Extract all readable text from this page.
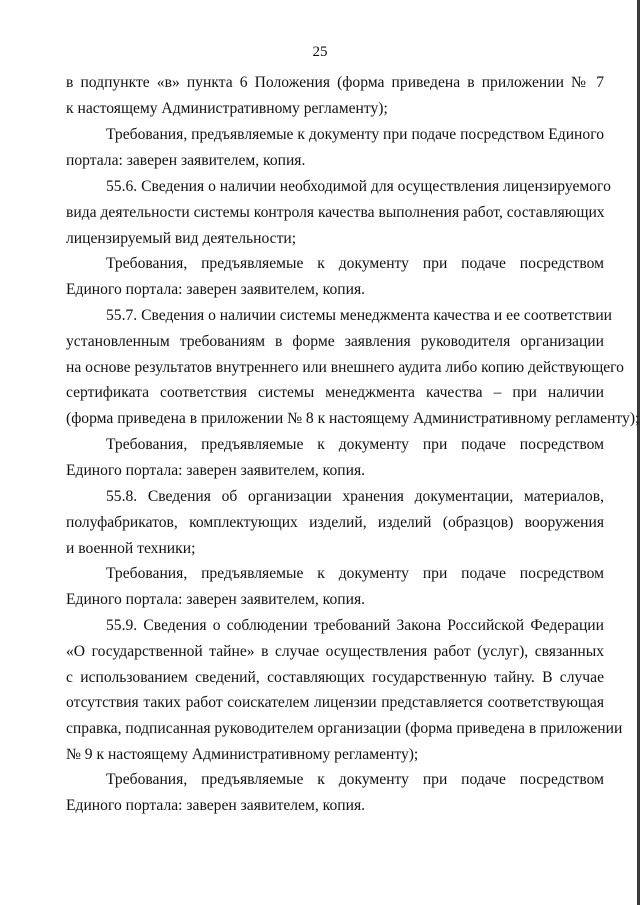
25
в подпункте «в» пункта 6 Положения (форма приведена в приложении № 7
к настоящему Административному регламенту);
Требования, предъявляемые к документу при подаче посредством Единого
портала: заверен заявителем, копия.
55.6. Сведения о наличии необходимой для осуществления лицензируемого
вида деятельности системы контроля качества выполнения работ, составляющих
лицензируемый вид деятельности;
Требования, предъявляемые к документу при подаче посредством
Единого портала: заверен заявителем, копия.
55.7. Сведения о наличии системы менеджмента качества и ее соответствии
установленным требованиям в форме заявления руководителя организации
на основе результатов внутреннего или внешнего аудита либо копию действующего
сертификата соответствия системы менеджмента качества – при наличии
(форма приведена в приложении № 8 к настоящему Административному регламенту);
Требования, предъявляемые к документу при подаче посредством
Единого портала: заверен заявителем, копия.
55.8. Сведения об организации хранения документации, материалов,
полуфабрикатов, комплектующих изделий, изделий (образцов) вооружения
и военной техники;
Требования, предъявляемые к документу при подаче посредством
Единого портала: заверен заявителем, копия.
55.9. Сведения о соблюдении требований Закона Российской Федерации
«О государственной тайне» в случае осуществления работ (услуг), связанных
с использованием сведений, составляющих государственную тайну. В случае
отсутствия таких работ соискателем лицензии представляется соответствующая
справка, подписанная руководителем организации (форма приведена в приложении
№ 9 к настоящему Административному регламенту);
Требования, предъявляемые к документу при подаче посредством
Единого портала: заверен заявителем, копия.
